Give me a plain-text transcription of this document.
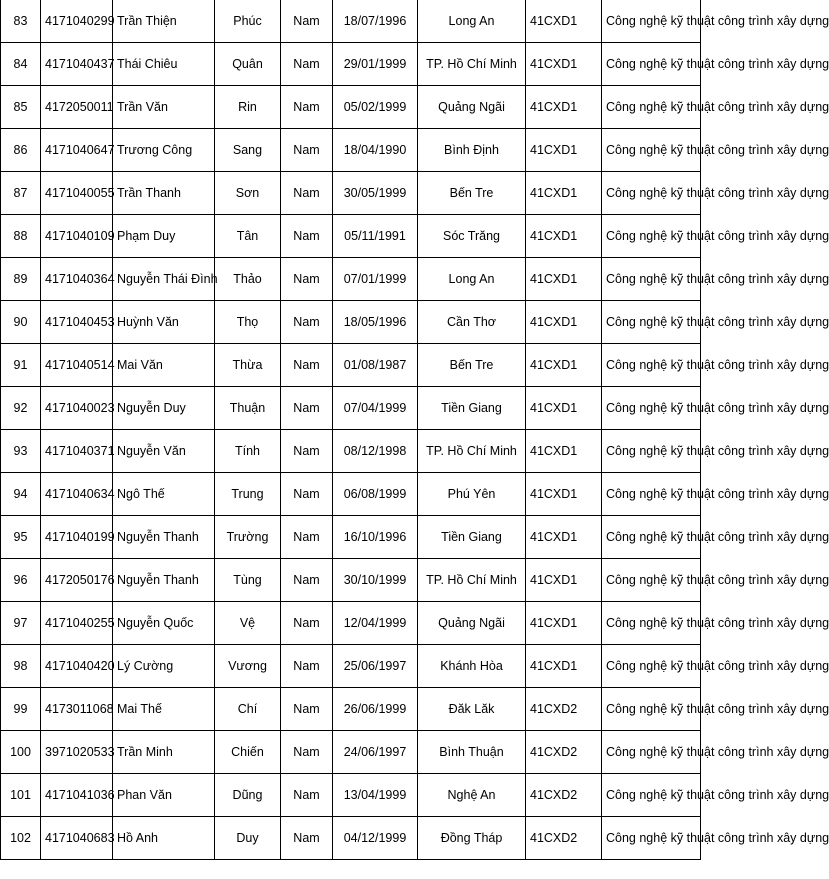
83	4171040299	Trần Thiện	Phúc	Nam	18/07/1996	Long An	41CXD1	Công nghệ kỹ thuật công trình xây dựng
84	4171040437	Thái Chiêu	Quân	Nam	29/01/1999	TP. Hồ Chí Minh	41CXD1	Công nghệ kỹ thuật công trình xây dựng
85	4172050011	Trần Văn	Rin	Nam	05/02/1999	Quảng Ngãi	41CXD1	Công nghệ kỹ thuật công trình xây dựng
86	4171040647	Trương Công	Sang	Nam	18/04/1990	Bình Định	41CXD1	Công nghệ kỹ thuật công trình xây dựng
87	4171040055	Trần Thanh	Sơn	Nam	30/05/1999	Bến Tre	41CXD1	Công nghệ kỹ thuật công trình xây dựng
88	4171040109	Phạm Duy	Tân	Nam	05/11/1991	Sóc Trăng	41CXD1	Công nghệ kỹ thuật công trình xây dựng
89	4171040364	Nguyễn Thái Đình	Thảo	Nam	07/01/1999	Long An	41CXD1	Công nghệ kỹ thuật công trình xây dựng
90	4171040453	Huỳnh Văn	Thọ	Nam	18/05/1996	Cần Thơ	41CXD1	Công nghệ kỹ thuật công trình xây dựng
91	4171040514	Mai Văn	Thừa	Nam	01/08/1987	Bến Tre	41CXD1	Công nghệ kỹ thuật công trình xây dựng
92	4171040023	Nguyễn Duy	Thuận	Nam	07/04/1999	Tiền Giang	41CXD1	Công nghệ kỹ thuật công trình xây dựng
93	4171040371	Nguyễn Văn	Tính	Nam	08/12/1998	TP. Hồ Chí Minh	41CXD1	Công nghệ kỹ thuật công trình xây dựng
94	4171040634	Ngô Thế	Trung	Nam	06/08/1999	Phú Yên	41CXD1	Công nghệ kỹ thuật công trình xây dựng
95	4171040199	Nguyễn Thanh	Trường	Nam	16/10/1996	Tiền Giang	41CXD1	Công nghệ kỹ thuật công trình xây dựng
96	4172050176	Nguyễn Thanh	Tùng	Nam	30/10/1999	TP. Hồ Chí Minh	41CXD1	Công nghệ kỹ thuật công trình xây dựng
97	4171040255	Nguyễn Quốc	Vệ	Nam	12/04/1999	Quảng Ngãi	41CXD1	Công nghệ kỹ thuật công trình xây dựng
98	4171040420	Lý Cường	Vương	Nam	25/06/1997	Khánh Hòa	41CXD1	Công nghệ kỹ thuật công trình xây dựng
99	4173011068	Mai Thế	Chí	Nam	26/06/1999	Đăk Lăk	41CXD2	Công nghệ kỹ thuật công trình xây dựng
100	3971020533	Trần Minh	Chiến	Nam	24/06/1997	Bình Thuận	41CXD2	Công nghệ kỹ thuật công trình xây dựng
101	4171041036	Phan Văn	Dũng	Nam	13/04/1999	Nghệ An	41CXD2	Công nghệ kỹ thuật công trình xây dựng
102	4171040683	Hồ Anh	Duy	Nam	04/12/1999	Đồng Tháp	41CXD2	Công nghệ kỹ thuật công trình xây dựng
